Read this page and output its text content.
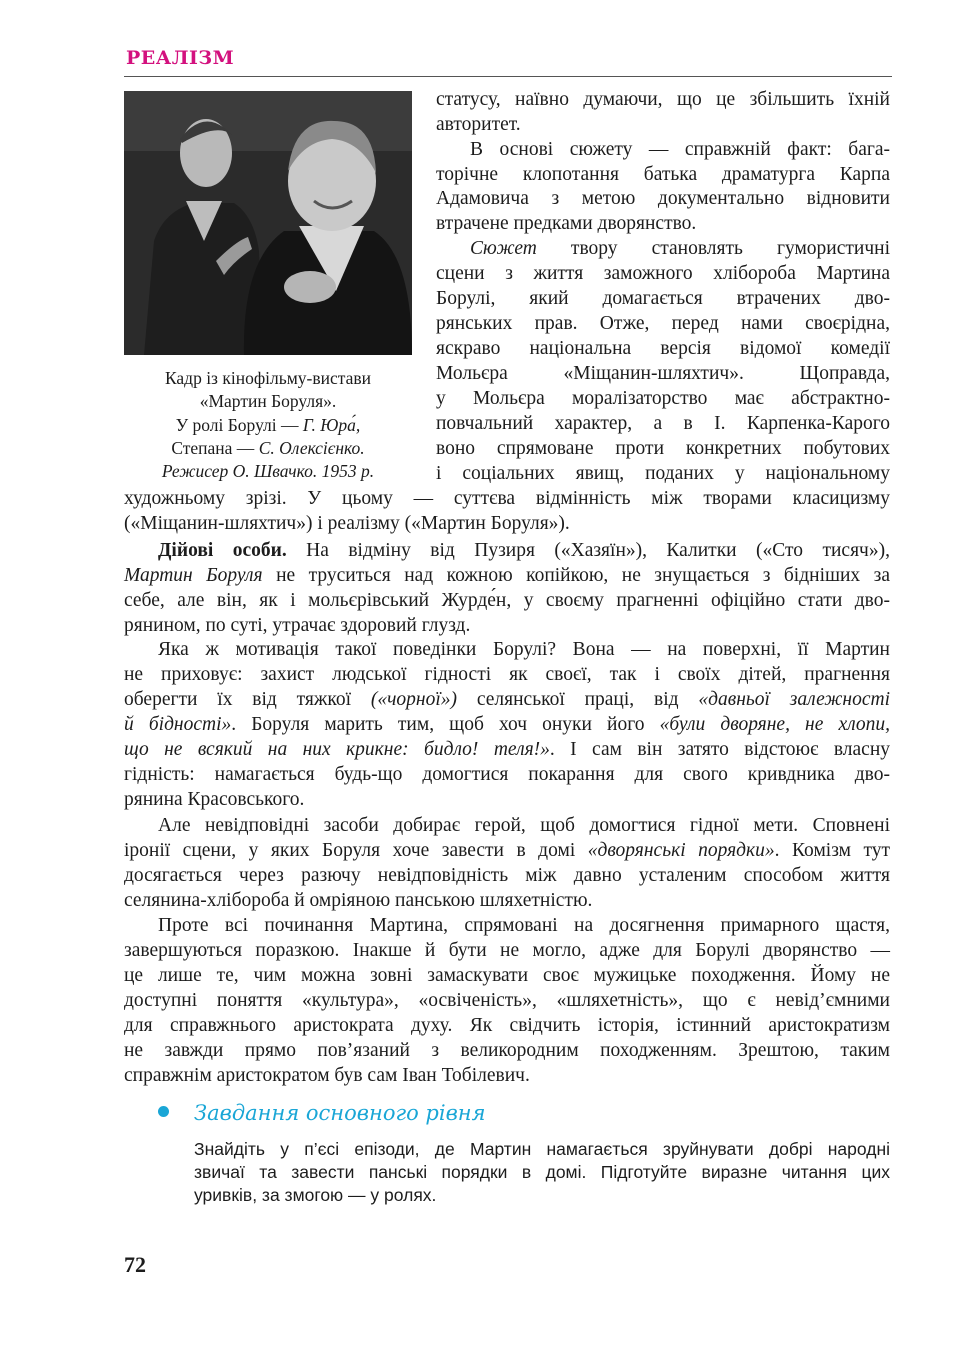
РЕАЛІЗМ
Кадр із кінофільму-вистави
«Мартин Боруля».
У ролі Борулі — Г. Юра́,
Степана — С. Олексієнко.
Режисер О. Швачко. 1953 р.
статусу, наївно думаючи, що це збільшить їхній
авторитет.
В основі сюжету — справжній факт: бага-
торічне клопотання батька драматурга Карпа
Адамовича з метою документально відновити
втрачене предками дворянство.
Сюжет твору становлять гумористичні
сцени з життя заможного хлібороба Мартина
Борулі, який домагається втрачених дво-
рянських прав. Отже, перед нами своєрідна,
яскраво національна версія відомої комедії
Мольєра «Міщанин-шляхтич». Щоправда,
у Мольєра моралізаторство має абстрактно-
повчальний характер, а в І. Карпенка-Карого
воно спрямоване проти конкретних побутових
і соціальних явищ, поданих у національному
художньому зрізі. У цьому — суттєва відмінність між творами класицизму
(«Міщанин-шляхтич») і реалізму («Мартин Боруля»).
Дійові особи. На відміну від Пузиря («Хазяїн»), Калитки («Сто тисяч»),
Мартин Боруля не труситься над кожною копійкою, не знущається з бідніших за
себе, але він, як і мольєрівський Журде́н, у своєму прагненні офіційно стати дво-
рянином, по суті, утрачає здоровий глузд.
Яка ж мотивація такої поведінки Борулі? Вона — на поверхні, її Мартин
не приховує: захист людської гідності як своєї, так і своїх дітей, прагнення
оберегти їх від тяжкої («чорної») селянської праці, від «давньої залежності
й бідності». Боруля марить тим, щоб хоч онуки його «були дворяне, не хлопи,
що не всякий на них крикне: бидло! теля!». І сам він затято відстоює власну
гідність: намагається будь-що домогтися покарання для свого кривдника дво-
рянина Красовського.
Але невідповідні засоби добирає герой, щоб домогтися гідної мети. Сповнені
іронії сцени, у яких Боруля хоче завести в домі «дворянські порядки». Комізм тут
досягається через разючу невідповідність між давно усталеним способом життя
селянина-хлібороба й омріяною панською шляхетністю.
Проте всі починання Мартина, спрямовані на досягнення примарного щастя,
завершуються поразкою. Інакше й бути не могло, адже для Борулі дворянство —
це лише те, чим можна зовні замаскувати своє мужицьке походження. Йому не
доступні поняття «культура», «освіченість», «шляхетність», що є невід’ємними
для справжнього аристократа духу. Як свідчить історія, істинний аристократизм
не завжди прямо пов’язаний з великородним походженням. Зрештою, таким
справжнім аристократом був сам Іван Тобілевич.
Завдання основного рівня
Знайдіть у п’єсі епізоди, де Мартин намагається зруйнувати добрі народні
звичаї та завести панські порядки в домі. Підготуйте виразне читання цих
уривків, за змогою — у ролях.
72
